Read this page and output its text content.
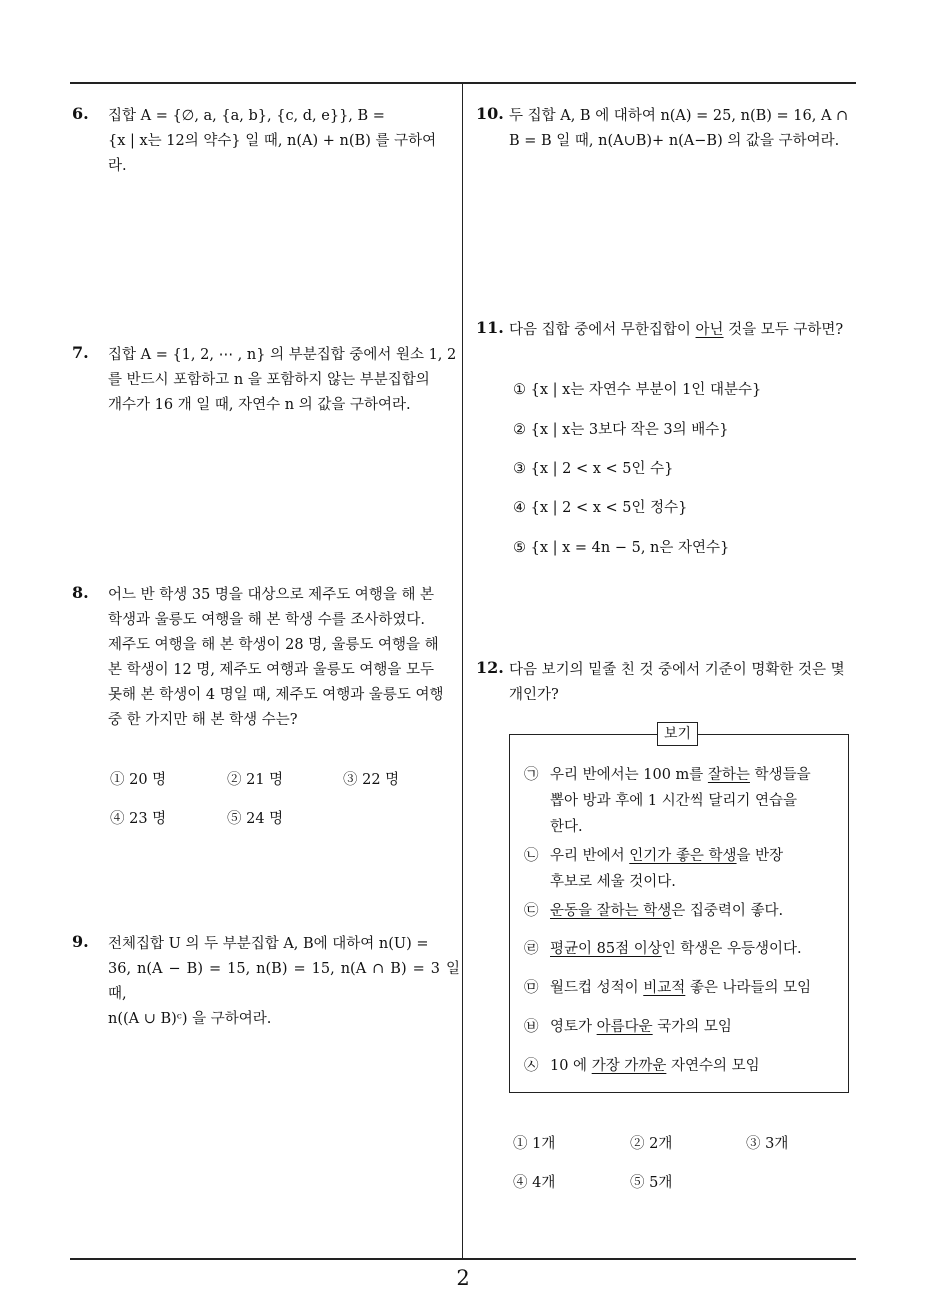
6. 집합 A = {∅, a, {a, b}, {c, d, e}}, B =
{x | x는 12의 약수} 일 때, n(A) + n(B) 를 구하여
라.
7. 집합 A = {1, 2, ⋯ , n} 의 부분집합 중에서 원소 1, 2
를 반드시 포함하고 n 을 포함하지 않는 부분집합의
개수가 16 개 일 때, 자연수 n 의 값을 구하여라.
8. 어느 반 학생 35 명을 대상으로 제주도 여행을 해 본
학생과 울릉도 여행을 해 본 학생 수를 조사하였다.
제주도 여행을 해 본 학생이 28 명, 울릉도 여행을 해
본 학생이 12 명, 제주도 여행과 울릉도 여행을 모두
못해 본 학생이 4 명일 때, 제주도 여행과 울릉도 여행
중 한 가지만 해 본 학생 수는?
① 20 명	② 21 명	③ 22 명
④ 23 명	⑤ 24 명
9. 전체집합 U 의 두 부분집합 A, B에 대하여 n(U) =
36, n(A − B) = 15, n(B) = 15, n(A ∩ B) = 3 일 때,
n((A ∪ B)ᶜ) 을 구하여라.
10. 두 집합 A, B 에 대하여 n(A) = 25, n(B) = 16, A ∩
B = B 일 때, n(A∪B)+ n(A−B) 의 값을 구하여라.
11. 다음 집합 중에서 무한집합이 아닌 것을 모두 구하면?
① {x | x는 자연수 부분이 1인 대분수}
② {x | x는 3보다 작은 3의 배수}
③ {x | 2 < x < 5인 수}
④ {x | 2 < x < 5인 정수}
⑤ {x | x = 4n − 5, n은 자연수}
12. 다음 보기의 밑줄 친 것 중에서 기준이 명확한 것은 몇
개인가?
보기
㉠ 우리 반에서는 100 m를 잘하는 학생들을
뽑아 방과 후에 1 시간씩 달리기 연습을
한다.
㉡ 우리 반에서 인기가 좋은 학생을 반장
후보로 세울 것이다.
㉢ 운동을 잘하는 학생은 집중력이 좋다.
㉣ 평균이 85점 이상인 학생은 우등생이다.
㉤ 월드컵 성적이 비교적 좋은 나라들의 모임
㉥ 영토가 아름다운 국가의 모임
㉦ 10 에 가장 가까운 자연수의 모임
① 1개	② 2개	③ 3개
④ 4개	⑤ 5개
2
